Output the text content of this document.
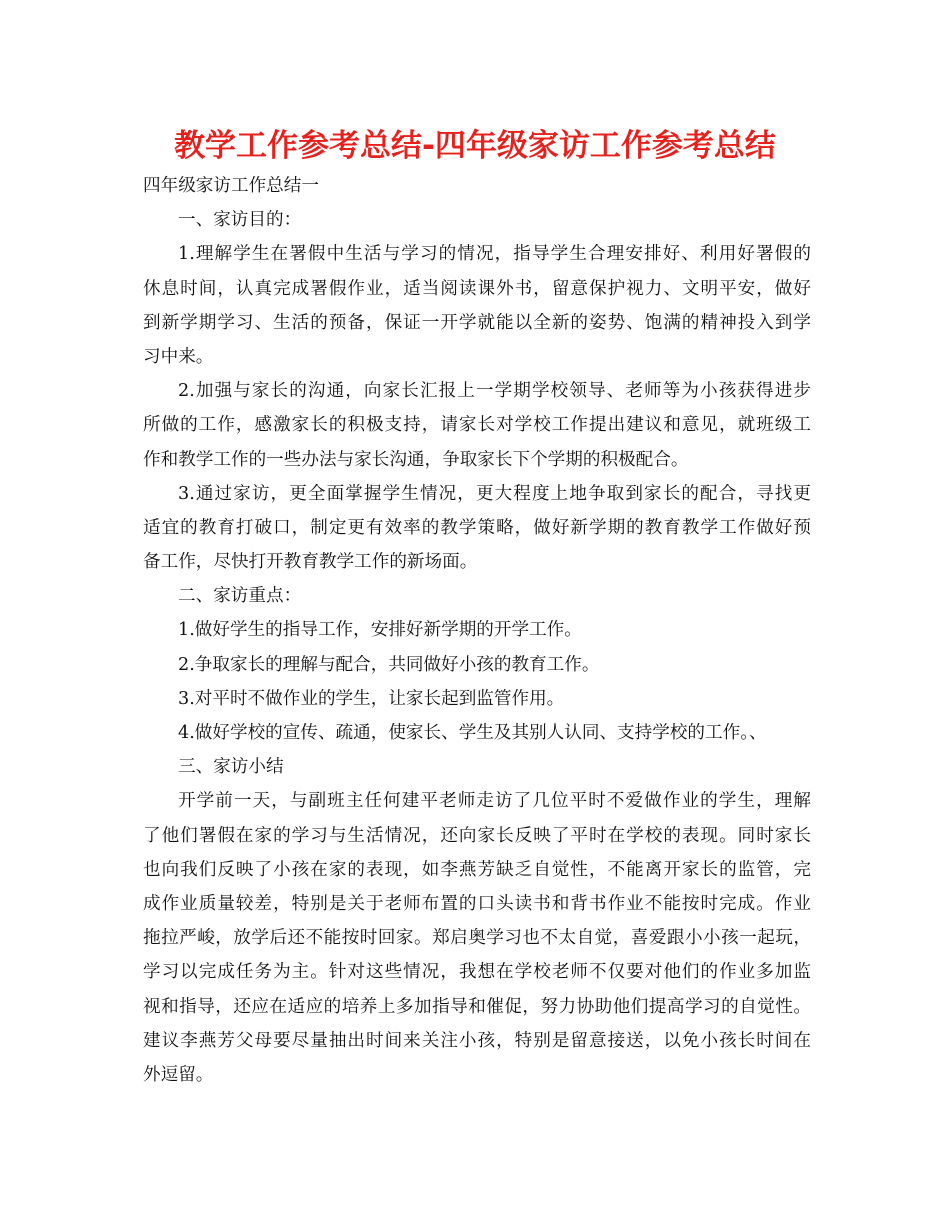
教学工作参考总结-四年级家访工作参考总结
四年级家访工作总结一
一、家访目的：
1.理解学生在署假中生活与学习的情况，指导学生合理安排好、利用好署假的
休息时间，认真完成署假作业，适当阅读课外书，留意保护视力、文明平安，做好
到新学期学习、生活的预备，保证一开学就能以全新的姿势、饱满的精神投入到学
习中来。
2.加强与家长的沟通，向家长汇报上一学期学校领导、老师等为小孩获得进步
所做的工作，感激家长的积极支持，请家长对学校工作提出建议和意见，就班级工
作和教学工作的一些办法与家长沟通，争取家长下个学期的积极配合。
3.通过家访，更全面掌握学生情况，更大程度上地争取到家长的配合，寻找更
适宜的教育打破口，制定更有效率的教学策略，做好新学期的教育教学工作做好预
备工作，尽快打开教育教学工作的新场面。
二、家访重点：
1.做好学生的指导工作，安排好新学期的开学工作。
2.争取家长的理解与配合，共同做好小孩的教育工作。
3.对平时不做作业的学生，让家长起到监管作用。
4.做好学校的宣传、疏通，使家长、学生及其别人认同、支持学校的工作。、
三、家访小结
开学前一天，与副班主任何建平老师走访了几位平时不爱做作业的学生，理解
了他们署假在家的学习与生活情况，还向家长反映了平时在学校的表现。同时家长
也向我们反映了小孩在家的表现，如李燕芳缺乏自觉性，不能离开家长的监管，完
成作业质量较差，特别是关于老师布置的口头读书和背书作业不能按时完成。作业
拖拉严峻，放学后还不能按时回家。郑启奥学习也不太自觉，喜爱跟小小孩一起玩，
学习以完成任务为主。针对这些情况，我想在学校老师不仅要对他们的作业多加监
视和指导，还应在适应的培养上多加指导和催促，努力协助他们提高学习的自觉性。
建议李燕芳父母要尽量抽出时间来关注小孩，特别是留意接送，以免小孩长时间在
外逗留。
